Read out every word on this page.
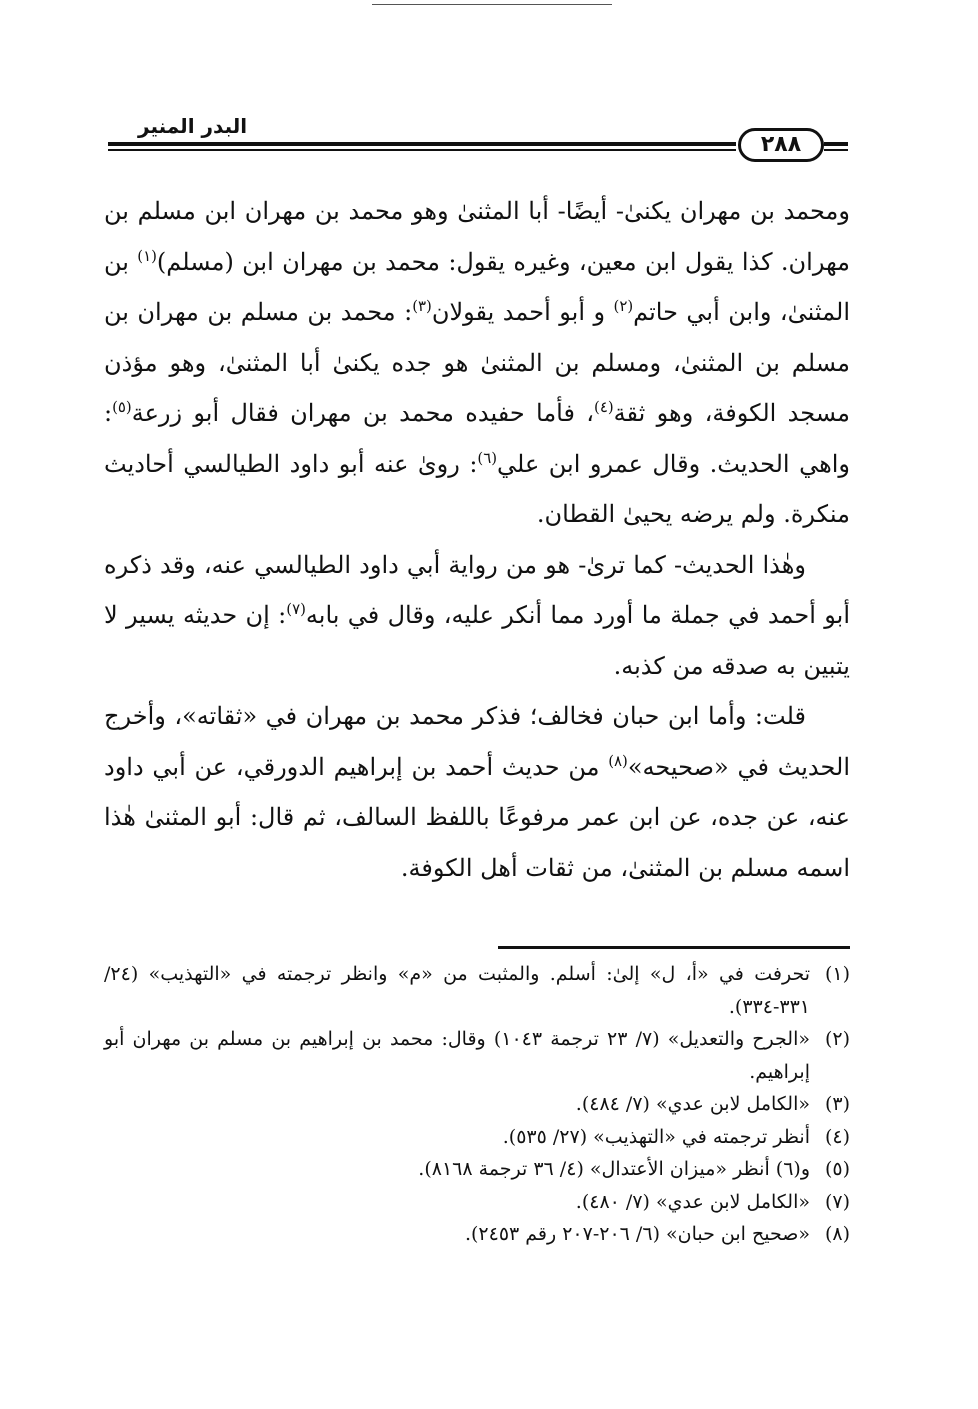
البدر المنير
٢٨٨

ومحمد بن مهران يكنىٰ- أيضًا- أبا المثنىٰ وهو محمد بن مهران ابن مسلم بن مهران. كذا يقول ابن معين، وغيره يقول: محمد بن مهران ابن (مسلم)$^{(١)}$ بن المثنىٰ، وابن أبي حاتم$^{(٢)}$ و أبو أحمد يقولان$^{(٣)}$: محمد بن مسلم بن مهران بن مسلم بن المثنىٰ، ومسلم بن المثنىٰ هو جده يكنىٰ أبا المثنىٰ، وهو مؤذن مسجد الكوفة، وهو ثقة$^{(٤)}$، فأما حفيده محمد بن مهران فقال أبو زرعة$^{(٥)}$: واهي الحديث. وقال عمرو ابن علي$^{(٦)}$: روىٰ عنه أبو داود الطيالسي أحاديث منكرة. ولم يرضه يحيىٰ القطان.

وهٰذا الحديث- كما ترىٰ- هو من رواية أبي داود الطيالسي عنه، وقد ذكره أبو أحمد في جملة ما أورد مما أنكر عليه، وقال في بابه$^{(٧)}$: إن حديثه يسير لا يتبين به صدقه من كذبه.

قلت: وأما ابن حبان فخالف؛ فذكر محمد بن مهران في «ثقاته»، وأخرج الحديث في «صحيحه»$^{(٨)}$ من حديث أحمد بن إبراهيم الدورقي، عن أبي داود عنه، عن جده، عن ابن عمر مرفوعًا باللفظ السالف، ثم قال: أبو المثنىٰ هٰذا اسمه مسلم بن المثنىٰ، من ثقات أهل الكوفة.

(١)
تحرفت في «أ، ل» إلىٰ: أسلم. والمثبت من «م» وانظر ترجمته في «التهذيب» (٢٤/ ٣٣١-٣٣٤).
(٢)
«الجرح والتعديل» (٧/ ٢٣ ترجمة ١٠٤٣) وقال: محمد بن إبراهيم بن مسلم بن مهران أبو إبراهيم.
(٣)
«الكامل لابن عدي» (٧/ ٤٨٤).
(٤)
أنظر ترجمته في «التهذيب» (٢٧/ ٥٣٥).
(٥)
و(٦) أنظر «ميزان الأعتدال» (٤/ ٣٦ ترجمة ٨١٦٨).
(٧)
«الكامل لابن عدي» (٧/ ٤٨٠).
(٨)
«صحيح ابن حبان» (٦/ ٢٠٦-٢٠٧ رقم ٢٤٥٣).
